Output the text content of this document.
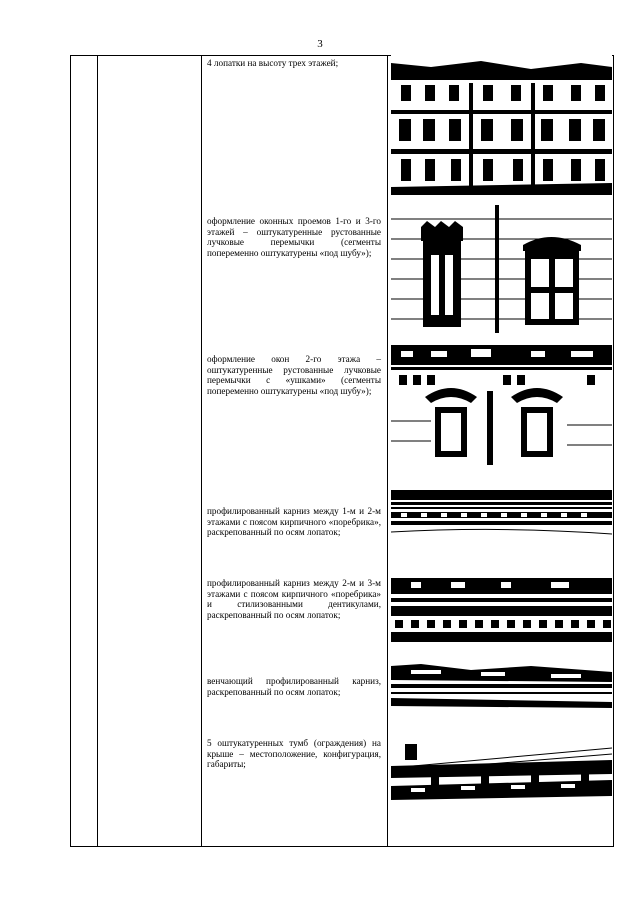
3
4 лопатки на высоту трех этажей;
оформление оконных проемов 1-го и 3-го этажей – оштукатуренные рустованные лучковые перемычки (сегменты попеременно оштукатурены «под шубу»);
оформление окон 2-го этажа – оштукатуренные рустованные лучковые перемычки с «ушками» (сегменты попеременно оштукатурены «под шубу»);
профилированный карниз между 1-м и 2-м этажами с поясом кирпичного «поребрика», раскрепованный по осям лопаток;
профилированный карниз между 2-м и 3-м этажами с поясом кирпичного «поребрика» и стилизованными дентикулами, раскрепованный по осям лопаток;
венчающий профилированный карниз, раскрепованный по осям лопаток;
5 оштукатуренных тумб (ограждения) на крыше – местоположение, конфигурация, габариты;
